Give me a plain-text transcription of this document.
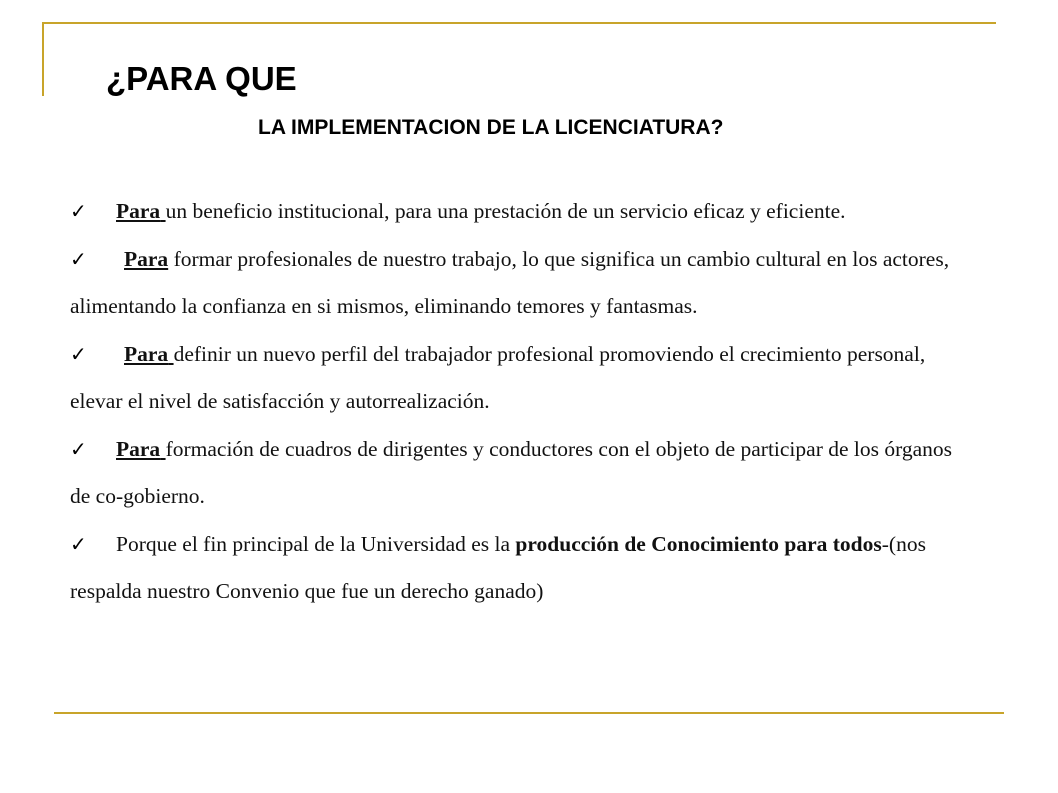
¿PARA QUE
LA IMPLEMENTACION DE LA LICENCIATURA?

✓ Para un beneficio institucional, para una prestación de un servicio eficaz y eficiente.

✓ Para formar profesionales de nuestro trabajo, lo que significa un cambio cultural en los actores, alimentando la confianza en si mismos, eliminando temores y fantasmas.

✓ Para definir un nuevo perfil del trabajador profesional promoviendo el crecimiento personal, elevar el nivel de satisfacción y autorrealización.

✓ Para formación de cuadros de dirigentes y conductores con el objeto de participar de los órganos de co-gobierno.

✓ Porque el fin principal de la Universidad es la producción de Conocimiento para todos-(nos respalda nuestro Convenio que fue un derecho ganado)
